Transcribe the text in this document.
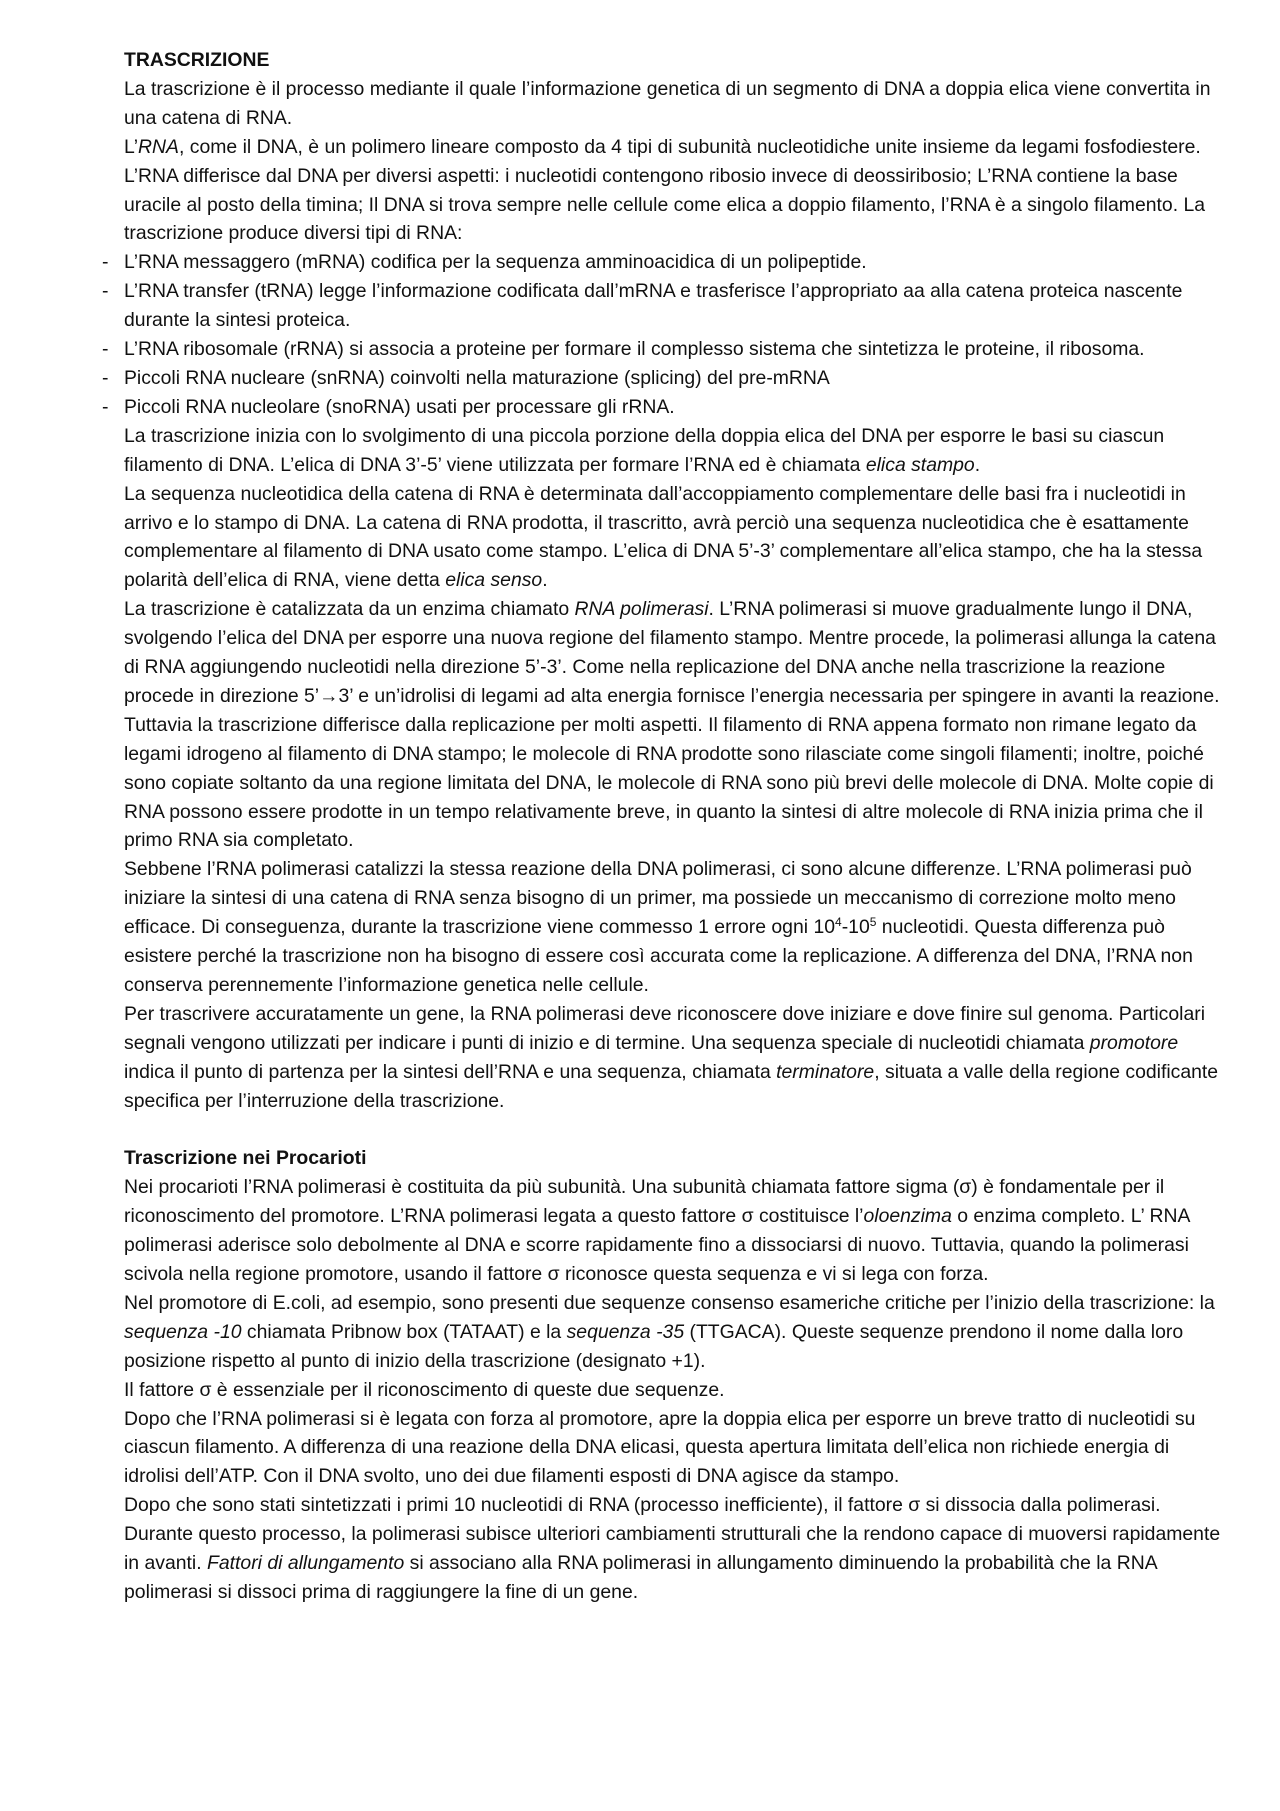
TRASCRIZIONE

La trascrizione è il processo mediante il quale l’informazione genetica di un segmento di DNA a doppia elica viene convertita in una catena di RNA.

L’RNA, come il DNA, è un polimero lineare composto da 4 tipi di subunità nucleotidiche unite insieme da legami fosfodiestere. L’RNA differisce dal DNA per diversi aspetti: i nucleotidi contengono ribosio invece di deossiribosio; L’RNA contiene la base uracile al posto della timina; Il DNA si trova sempre nelle cellule come elica a doppio filamento, l’RNA è a singolo filamento. La trascrizione produce diversi tipi di RNA:

- L’RNA messaggero (mRNA) codifica per la sequenza amminoacidica di un polipeptide.

- L’RNA transfer (tRNA) legge l’informazione codificata dall’mRNA e trasferisce l’appropriato aa alla catena proteica nascente durante la sintesi proteica.

- L’RNA ribosomale (rRNA) si associa a proteine per formare il complesso sistema che sintetizza le proteine, il ribosoma.

- Piccoli RNA nucleare (snRNA) coinvolti nella maturazione (splicing) del pre-mRNA

- Piccoli RNA nucleolare (snoRNA) usati per processare gli rRNA.

La trascrizione inizia con lo svolgimento di una piccola porzione della doppia elica del DNA per esporre le basi su ciascun filamento di DNA. L’elica di DNA 3’-5’ viene utilizzata per formare l’RNA ed è chiamata elica stampo.

La sequenza nucleotidica della catena di RNA è determinata dall’accoppiamento complementare delle basi fra i nucleotidi in arrivo e lo stampo di DNA. La catena di RNA prodotta, il trascritto, avrà perciò una sequenza nucleotidica che è esattamente complementare al filamento di DNA usato come stampo. L’elica di DNA 5’-3’ complementare all’elica stampo, che ha la stessa polarità dell’elica di RNA, viene detta elica senso.

La trascrizione è catalizzata da un enzima chiamato RNA polimerasi. L’RNA polimerasi si muove gradualmente lungo il DNA, svolgendo l’elica del DNA per esporre una nuova regione del filamento stampo. Mentre procede, la polimerasi allunga la catena di RNA aggiungendo nucleotidi nella direzione 5’-3’. Come nella replicazione del DNA anche nella trascrizione la reazione procede in direzione 5’→3’ e un’idrolisi di legami ad alta energia fornisce l’energia necessaria per spingere in avanti la reazione. Tuttavia la trascrizione differisce dalla replicazione per molti aspetti. Il filamento di RNA appena formato non rimane legato da legami idrogeno al filamento di DNA stampo; le molecole di RNA prodotte sono rilasciate come singoli filamenti; inoltre, poiché sono copiate soltanto da una regione limitata del DNA, le molecole di RNA sono più brevi delle molecole di DNA. Molte copie di RNA possono essere prodotte in un tempo relativamente breve, in quanto la sintesi di altre molecole di RNA inizia prima che il primo RNA sia completato.

Sebbene l’RNA polimerasi catalizzi la stessa reazione della DNA polimerasi, ci sono alcune differenze. L’RNA polimerasi può iniziare la sintesi di una catena di RNA senza bisogno di un primer, ma possiede un meccanismo di correzione molto meno efficace. Di conseguenza, durante la trascrizione viene commesso 1 errore ogni $10^4-10^5$ nucleotidi. Questa differenza può esistere perché la trascrizione non ha bisogno di essere così accurata come la replicazione. A differenza del DNA, l’RNA non conserva perennemente l’informazione genetica nelle cellule.

Per trascrivere accuratamente un gene, la RNA polimerasi deve riconoscere dove iniziare e dove finire sul genoma. Particolari segnali vengono utilizzati per indicare i punti di inizio e di termine. Una sequenza speciale di nucleotidi chiamata promotore indica il punto di partenza per la sintesi dell’RNA e una sequenza, chiamata terminatore, situata a valle della regione codificante specifica per l’interruzione della trascrizione.

Trascrizione nei Procarioti

Nei procarioti l’RNA polimerasi è costituita da più subunità. Una subunità chiamata fattore sigma (σ) è fondamentale per il riconoscimento del promotore. L’RNA polimerasi legata a questo fattore σ costituisce l’oloenzima o enzima completo. L’ RNA polimerasi aderisce solo debolmente al DNA e scorre rapidamente fino a dissociarsi di nuovo. Tuttavia, quando la polimerasi scivola nella regione promotore, usando il fattore σ riconosce questa sequenza e vi si lega con forza.

Nel promotore di E.coli, ad esempio, sono presenti due sequenze consenso esameriche critiche per l’inizio della trascrizione: la sequenza -10 chiamata Pribnow box (TATAAT) e la sequenza -35 (TTGACA). Queste sequenze prendono il nome dalla loro posizione rispetto al punto di inizio della trascrizione (designato +1).

Il fattore σ è essenziale per il riconoscimento di queste due sequenze.

Dopo che l’RNA polimerasi si è legata con forza al promotore, apre la doppia elica per esporre un breve tratto di nucleotidi su ciascun filamento. A differenza di una reazione della DNA elicasi, questa apertura limitata dell’elica non richiede energia di idrolisi dell’ATP. Con il DNA svolto, uno dei due filamenti esposti di DNA agisce da stampo.

Dopo che sono stati sintetizzati i primi 10 nucleotidi di RNA (processo inefficiente), il fattore σ si dissocia dalla polimerasi. Durante questo processo, la polimerasi subisce ulteriori cambiamenti strutturali che la rendono capace di muoversi rapidamente in avanti. Fattori di allungamento si associano alla RNA polimerasi in allungamento diminuendo la probabilità che la RNA polimerasi si dissoci prima di raggiungere la fine di un gene.
